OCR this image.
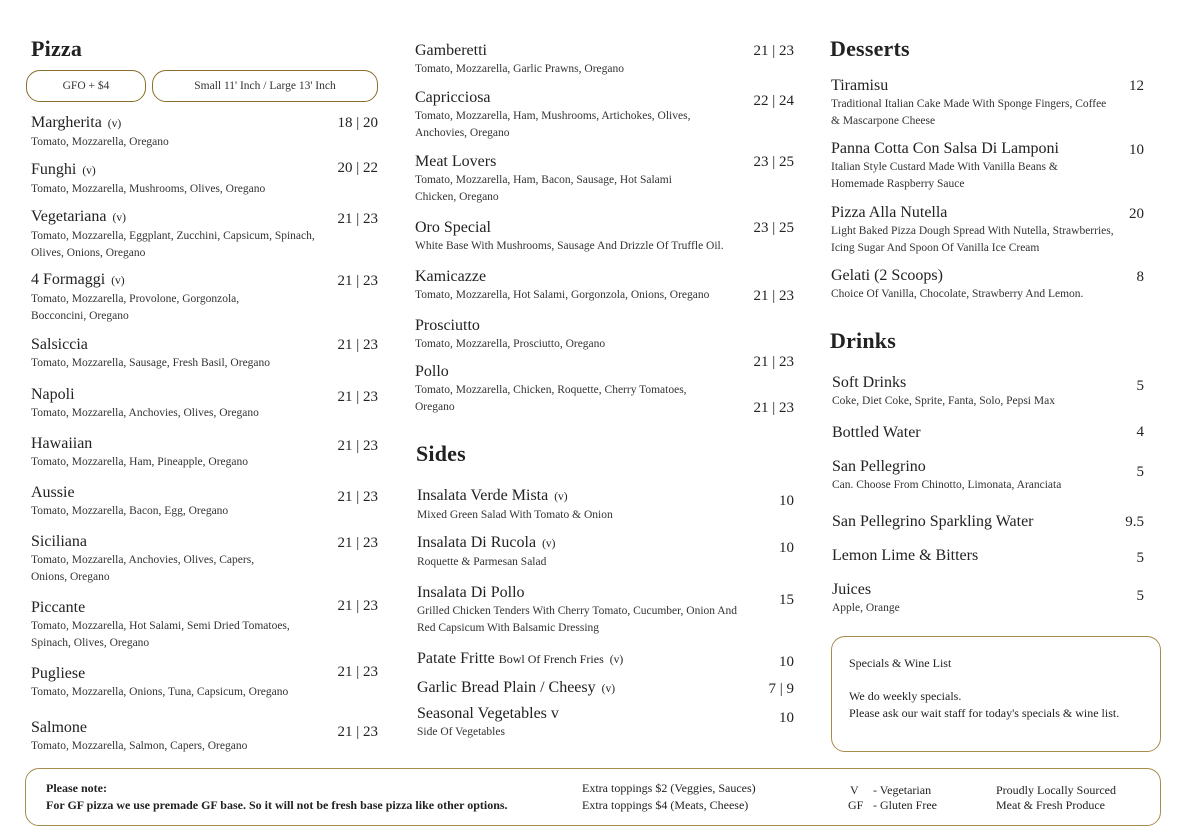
Pizza
GFO + $4	Small 11' Inch / Large 13' Inch
Margherita (v)
Tomato, Mozzarella, Oregano
18 | 20
Funghi (v)
Tomato, Mozzarella, Mushrooms, Olives, Oregano
20 | 22
Vegetariana (v)
Tomato, Mozzarella, Eggplant, Zucchini, Capsicum, Spinach, Olives, Onions, Oregano
21 | 23
4 Formaggi (v)
Tomato, Mozzarella, Provolone, Gorgonzola, Bocconcini, Oregano
21 | 23
Salsiccia
Tomato, Mozzarella, Sausage, Fresh Basil, Oregano
21 | 23
Napoli
Tomato, Mozzarella, Anchovies, Olives, Oregano
21 | 23
Hawaiian
Tomato, Mozzarella, Ham, Pineapple, Oregano
21 | 23
Aussie
Tomato, Mozzarella, Bacon, Egg, Oregano
21 | 23
Siciliana
Tomato, Mozzarella, Anchovies, Olives, Capers, Onions, Oregano
21 | 23
Piccante
Tomato, Mozzarella, Hot Salami, Semi Dried Tomatoes, Spinach, Olives, Oregano
21 | 23
Pugliese
Tomato, Mozzarella, Onions, Tuna, Capsicum, Oregano
21 | 23
Salmone
Tomato, Mozzarella, Salmon, Capers, Oregano
21 | 23
Gamberetti
Tomato, Mozzarella, Garlic Prawns, Oregano
21 | 23
Capricciosa
Tomato, Mozzarella, Ham, Mushrooms, Artichokes, Olives, Anchovies, Oregano
22 | 24
Meat Lovers
Tomato, Mozzarella, Ham, Bacon, Sausage, Hot Salami Chicken, Oregano
23 | 25
Oro Special
White Base With Mushrooms, Sausage And Drizzle Of Truffle Oil.
23 | 25
Kamicazze
Tomato, Mozzarella, Hot Salami, Gorgonzola, Onions, Oregano	21 | 23
Prosciutto
Tomato, Mozzarella, Prosciutto, Oregano
21 | 23
Pollo
Tomato, Mozzarella, Chicken, Roquette, Cherry Tomatoes, Oregano	21 | 23
Sides
Insalata Verde Mista (v)
Mixed Green Salad With Tomato & Onion
10
Insalata Di Rucola (v)
Roquette & Parmesan Salad
10
Insalata Di Pollo
Grilled Chicken Tenders With Cherry Tomato, Cucumber, Onion And Red Capsicum With Balsamic Dressing
15
Patate Fritte Bowl Of French Fries (v)	10
Garlic Bread Plain / Cheesy (v)	7 | 9
Seasonal Vegetables v
Side Of Vegetables
10
Desserts
Tiramisu
Traditional Italian Cake Made With Sponge Fingers, Coffee & Mascarpone Cheese
12
Panna Cotta Con Salsa Di Lamponi
Italian Style Custard Made With Vanilla Beans & Homemade Raspberry Sauce
10
Pizza Alla Nutella
Light Baked Pizza Dough Spread With Nutella, Strawberries, Icing Sugar And Spoon Of Vanilla Ice Cream
20
Gelati (2 Scoops)
Choice Of Vanilla, Chocolate, Strawberry And Lemon.
8
Drinks
Soft Drinks
Coke, Diet Coke, Sprite, Fanta, Solo, Pepsi Max
5
Bottled Water	4
San Pellegrino
Can. Choose From Chinotto, Limonata, Aranciata
5
San Pellegrino Sparkling Water	9.5
Lemon Lime & Bitters	5
Juices
Apple, Orange
5
Specials & Wine List
We do weekly specials.
Please ask our wait staff for today's specials & wine list.
Please note:
For GF pizza we use premade GF base. So it will not be fresh base pizza like other options.
Extra toppings $2 (Veggies, Sauces)
Extra toppings $4 (Meats, Cheese)
V - Vegetarian
GF - Gluten Free
Proudly Locally Sourced
Meat & Fresh Produce
